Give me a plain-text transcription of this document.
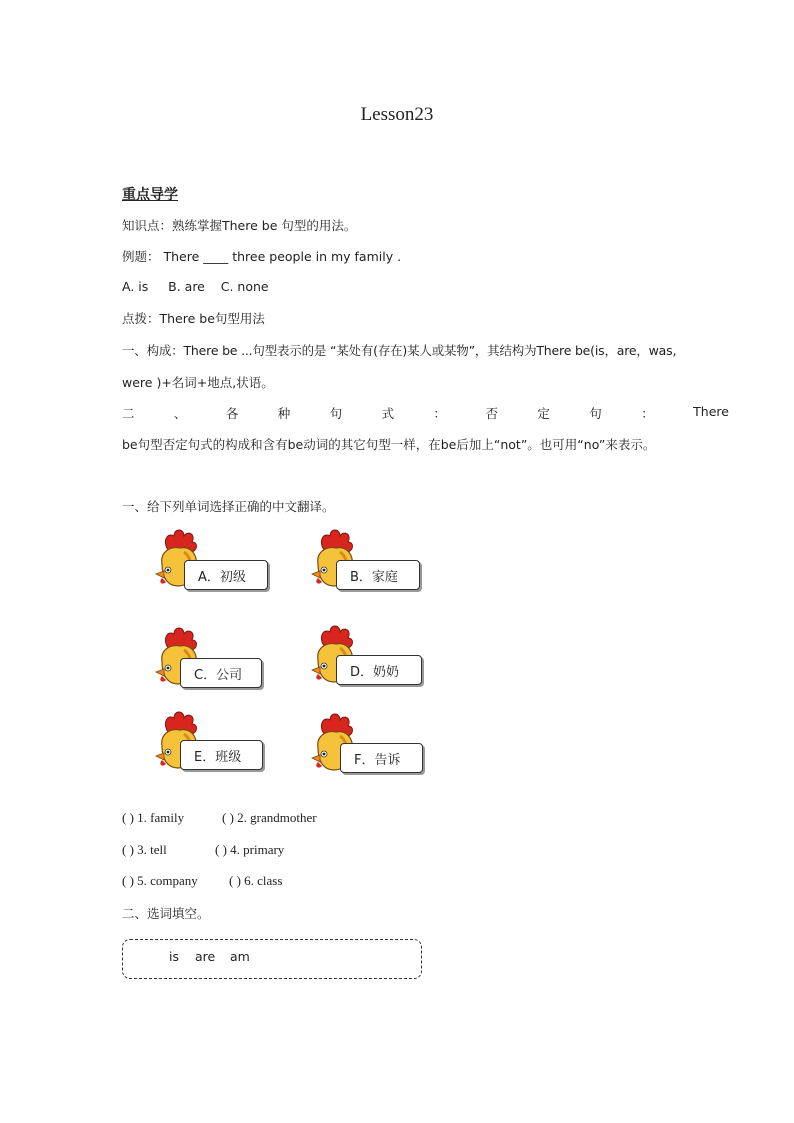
Lesson23
重点导学
知识点：熟练掌握There be 句型的用法。
例题： There ____ three people in my family .
A. is     B. are    C. none
点拨：There be句型用法
一、构成：There be ...句型表示的是 “某处有(存在)某人或某物”，其结构为There be(is，are，was,
were )+名词+地点,状语。
二	、	各	种	句	式	：	否	定	句	：	There
be句型否定句式的构成和含有be动词的其它句型一样，在be后加上“not”。也可用“no”来表示。
一、给下列单词选择正确的中文翻译。
A．初级	B．家庭
C．公司	D．奶奶
E．班级	F．告诉
( ) 1. family	( ) 2. grandmother
( ) 3. tell	( ) 4. primary
( ) 5. company ( ) 6. class
二、选词填空。
is are am
